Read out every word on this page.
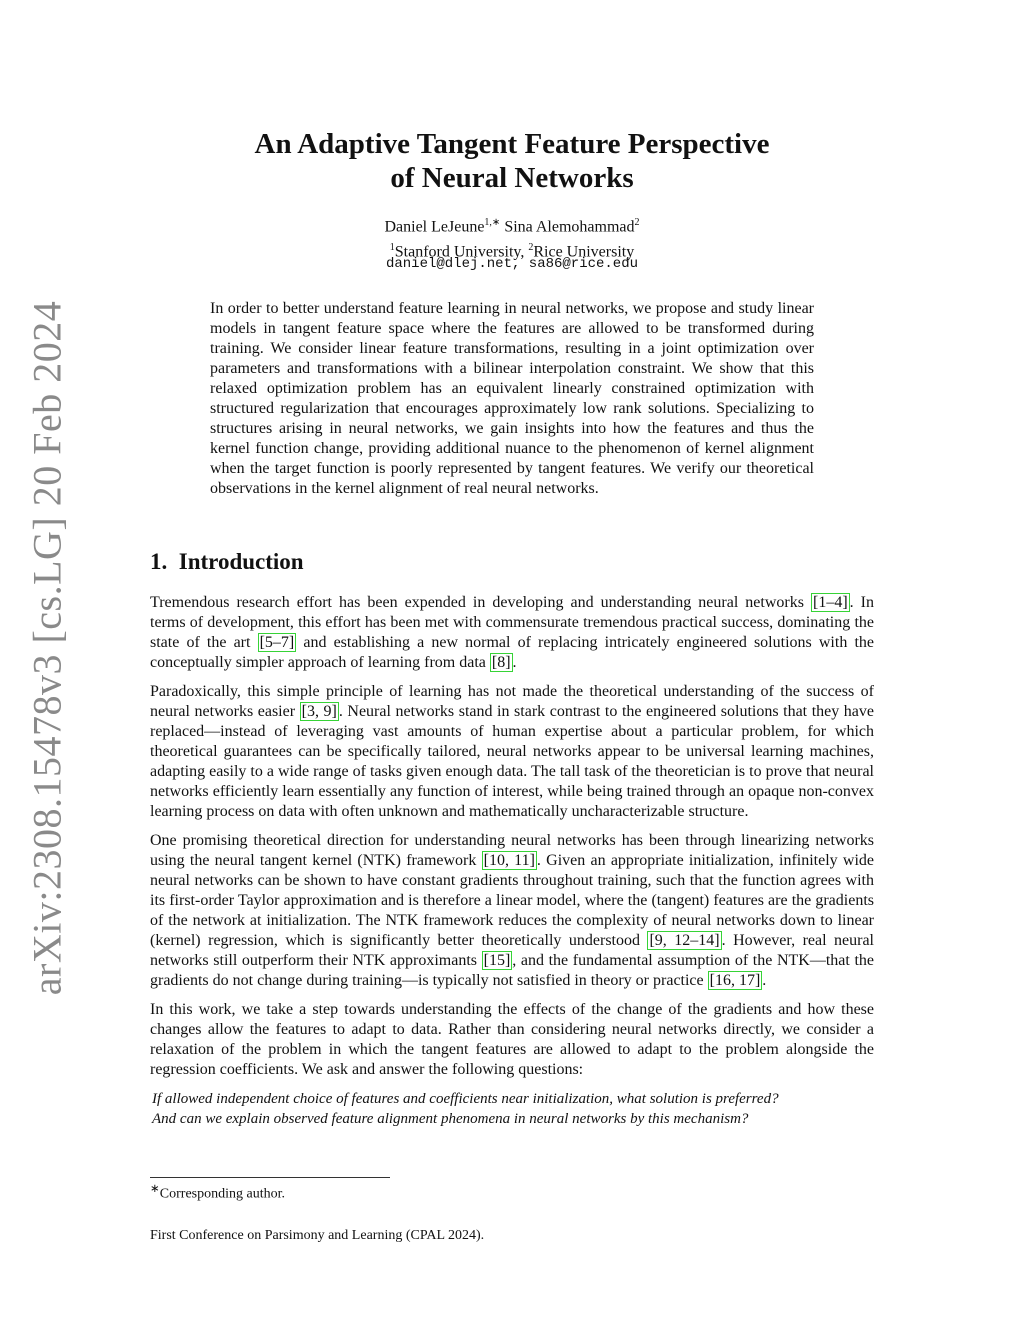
arXiv:2308.15478v3 [cs.LG] 20 Feb 2024
An Adaptive Tangent Feature Perspective
of Neural Networks
Daniel LeJeune$^{1,∗}$ Sina Alemohammad$^2$
$^1$Stanford University, $^2$Rice University
daniel@dlej.net, sa86@rice.edu
In order to better understand feature learning in neural networks, we propose and study linear models in tangent feature space where the features are allowed to be transformed during training. We consider linear feature transformations, resulting in a joint optimization over parameters and transformations with a bilinear interpolation constraint. We show that this relaxed optimization problem has an equivalent linearly constrained optimization with structured regularization that encourages approximately low rank solutions. Specializing to structures arising in neural networks, we gain insights into how the features and thus the kernel function change, providing additional nuance to the phenomenon of kernel alignment when the target function is poorly represented by tangent features. We verify our theoretical observations in the kernel alignment of real neural networks.
1. Introduction

Tremendous research effort has been expended in developing and understanding neural networks [1–4] . In terms of development, this effort has been met with commensurate tremendous practical success, dominating the state of the art [5–7] and establishing a new normal of replacing intricately engineered solutions with the conceptually simpler approach of learning from data [8] .

Paradoxically, this simple principle of learning has not made the theoretical understanding of the success of neural networks easier [3, 9] . Neural networks stand in stark contrast to the engineered solutions that they have replaced—instead of leveraging vast amounts of human expertise about a particular problem, for which theoretical guarantees can be specifically tailored, neural networks appear to be universal learning machines, adapting easily to a wide range of tasks given enough data. The tall task of the theoretician is to prove that neural networks efficiently learn essentially any function of interest, while being trained through an opaque non-convex learning process on data with often unknown and mathematically uncharacterizable structure.

One promising theoretical direction for understanding neural networks has been through linearizing networks using the neural tangent kernel (NTK) framework [10, 11] . Given an appropriate initialization, infinitely wide neural networks can be shown to have constant gradients throughout training, such that the function agrees with its first-order Taylor approximation and is therefore a linear model, where the (tangent) features are the gradients of the network at initialization. The NTK framework reduces the complexity of neural networks down to linear (kernel) regression, which is significantly better theoretically understood [9, 12–14] . However, real neural networks still outperform their NTK approximants [15] , and the fundamental assumption of the NTK—that the gradients do not change during training—is typically not satisfied in theory or practice [16, 17] .

In this work, we take a step towards understanding the effects of the change of the gradients and how these changes allow the features to adapt to data. Rather than considering neural networks directly, we consider a relaxation of the problem in which the tangent features are allowed to adapt to the problem alongside the regression coefficients. We ask and answer the following questions:

If allowed independent choice of features and coefficients near initialization, what solution is preferred?
And can we explain observed feature alignment phenomena in neural networks by this mechanism?
∗Corresponding author.
First Conference on Parsimony and Learning (CPAL 2024).
